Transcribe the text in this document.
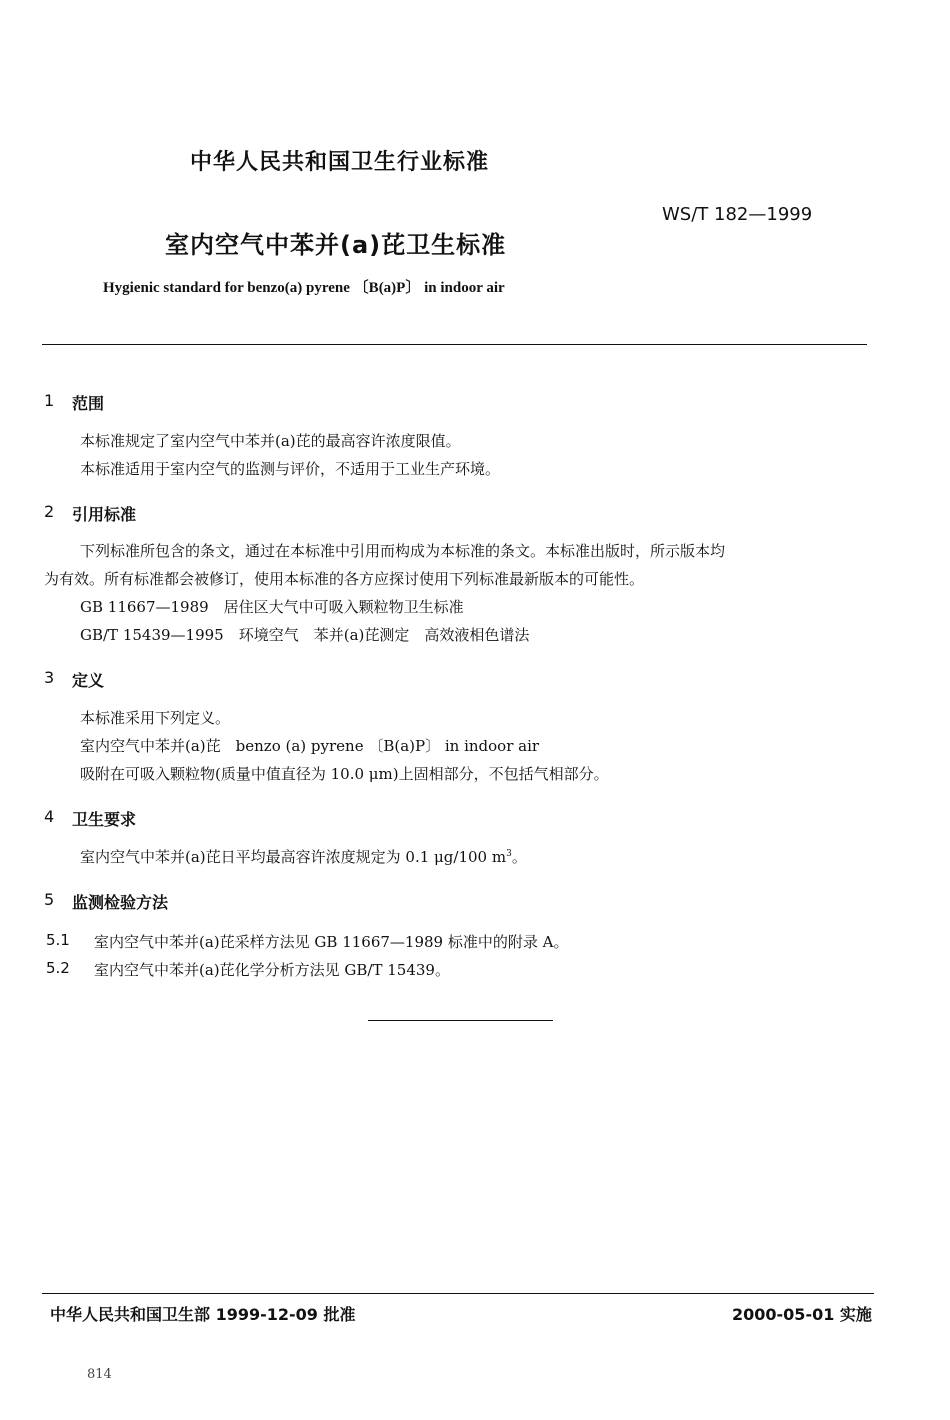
中华人民共和国卫生行业标准
WS/T 182—1999
室内空气中苯并(a)芘卫生标准
Hygienic standard for benzo(a) pyrene 〔B(a)P〕 in indoor air
1 范围
本标准规定了室内空气中苯并(a)芘的最高容许浓度限值。
本标准适用于室内空气的监测与评价，不适用于工业生产环境。
2 引用标准
下列标准所包含的条文，通过在本标准中引用而构成为本标准的条文。本标准出版时，所示版本均
为有效。所有标准都会被修订，使用本标准的各方应探讨使用下列标准最新版本的可能性。
GB 11667—1989　居住区大气中可吸入颗粒物卫生标准
GB/T 15439—1995　环境空气　苯并(a)芘测定　高效液相色谱法
3 定义
本标准采用下列定义。
室内空气中苯并(a)芘　benzo (a) pyrene 〔B(a)P〕 in indoor air
吸附在可吸入颗粒物(质量中值直径为 10.0 μm)上固相部分，不包括气相部分。
4 卫生要求
室内空气中苯并(a)芘日平均最高容许浓度规定为 0.1 μg/100 $m^3$。
5 监测检验方法
5.1 室内空气中苯并(a)芘采样方法见 GB 11667—1989 标准中的附录 A。
5.2 室内空气中苯并(a)芘化学分析方法见 GB/T 15439。
中华人民共和国卫生部 1999-12-09 批准	2000-05-01 实施
814
